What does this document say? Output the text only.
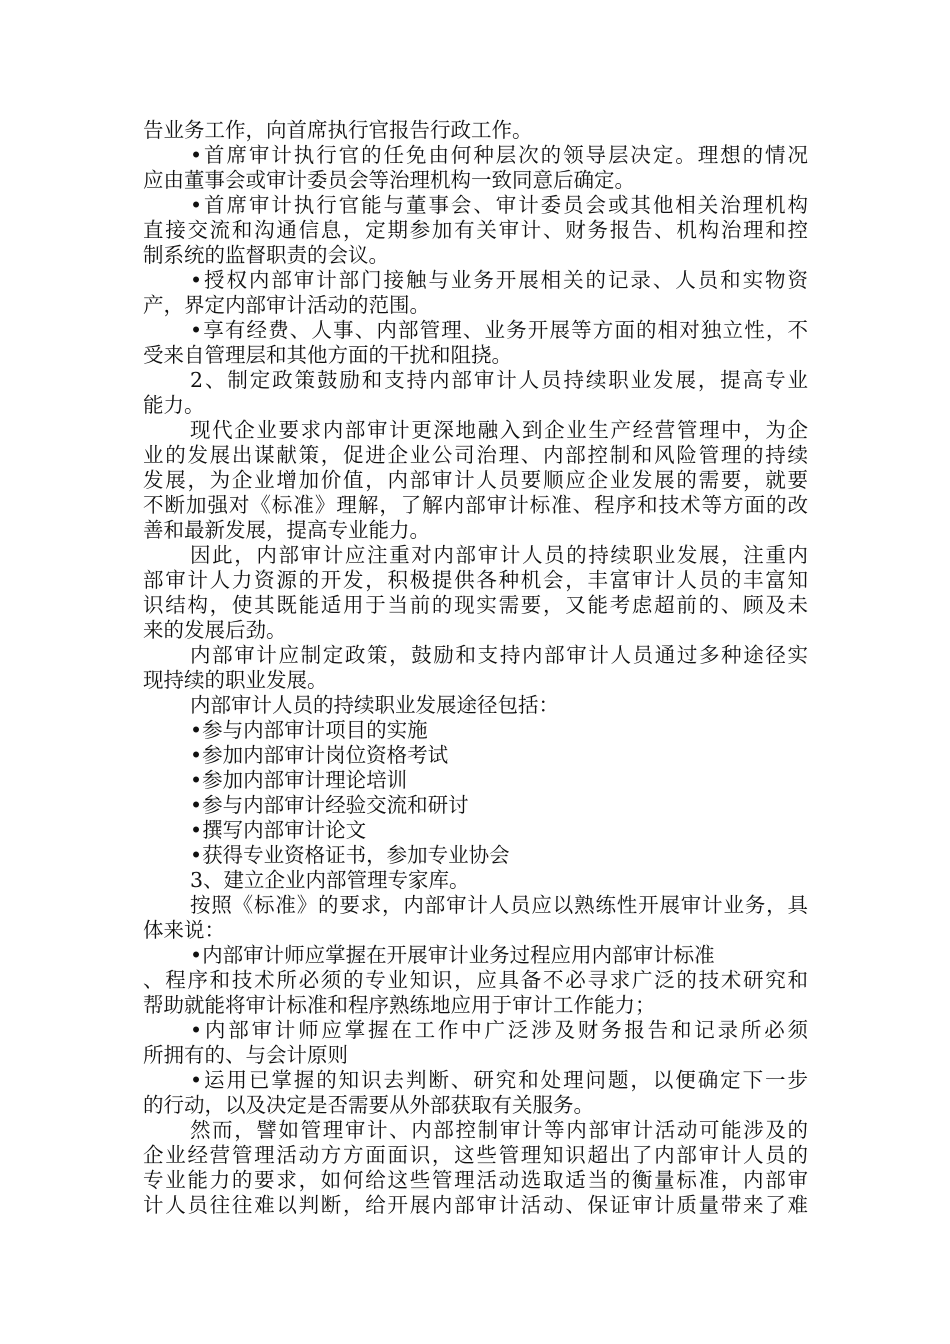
告业务工作，向首席执行官报告行政工作。
•首席审计执行官的任免由何种层次的领导层决定。理想的情况
应由董事会或审计委员会等治理机构一致同意后确定。
•首席审计执行官能与董事会、审计委员会或其他相关治理机构
直接交流和沟通信息，定期参加有关审计、财务报告、机构治理和控
制系统的监督职责的会议。
•授权内部审计部门接触与业务开展相关的记录、人员和实物资
产，界定内部审计活动的范围。
•享有经费、人事、内部管理、业务开展等方面的相对独立性，不
受来自管理层和其他方面的干扰和阻挠。
2、制定政策鼓励和支持内部审计人员持续职业发展，提高专业
能力。
现代企业要求内部审计更深地融入到企业生产经营管理中，为企
业的发展出谋献策，促进企业公司治理、内部控制和风险管理的持续
发展，为企业增加价值，内部审计人员要顺应企业发展的需要，就要
不断加强对《标准》理解，了解内部审计标准、程序和技术等方面的改
善和最新发展，提高专业能力。
因此，内部审计应注重对内部审计人员的持续职业发展，注重内
部审计人力资源的开发，积极提供各种机会，丰富审计人员的丰富知
识结构，使其既能适用于当前的现实需要，又能考虑超前的、顾及未
来的发展后劲。
内部审计应制定政策，鼓励和支持内部审计人员通过多种途径实
现持续的职业发展。
内部审计人员的持续职业发展途径包括：
•参与内部审计项目的实施
•参加内部审计岗位资格考试
•参加内部审计理论培训
•参与内部审计经验交流和研讨
•撰写内部审计论文
•获得专业资格证书，参加专业协会
3、建立企业内部管理专家库。
按照《标准》的要求，内部审计人员应以熟练性开展审计业务，具
体来说：
•内部审计师应掌握在开展审计业务过程应用内部审计标准
、程序和技术所必须的专业知识，应具备不必寻求广泛的技术研究和
帮助就能将审计标准和程序熟练地应用于审计工作能力；
•内部审计师应掌握在工作中广泛涉及财务报告和记录所必须
所拥有的、与会计原则
•运用已掌握的知识去判断、研究和处理问题，以便确定下一步
的行动，以及决定是否需要从外部获取有关服务。
然而，譬如管理审计、内部控制审计等内部审计活动可能涉及的
企业经营管理活动方方面面识，这些管理知识超出了内部审计人员的
专业能力的要求，如何给这些管理活动选取适当的衡量标准，内部审
计人员往往难以判断，给开展内部审计活动、保证审计质量带来了难
